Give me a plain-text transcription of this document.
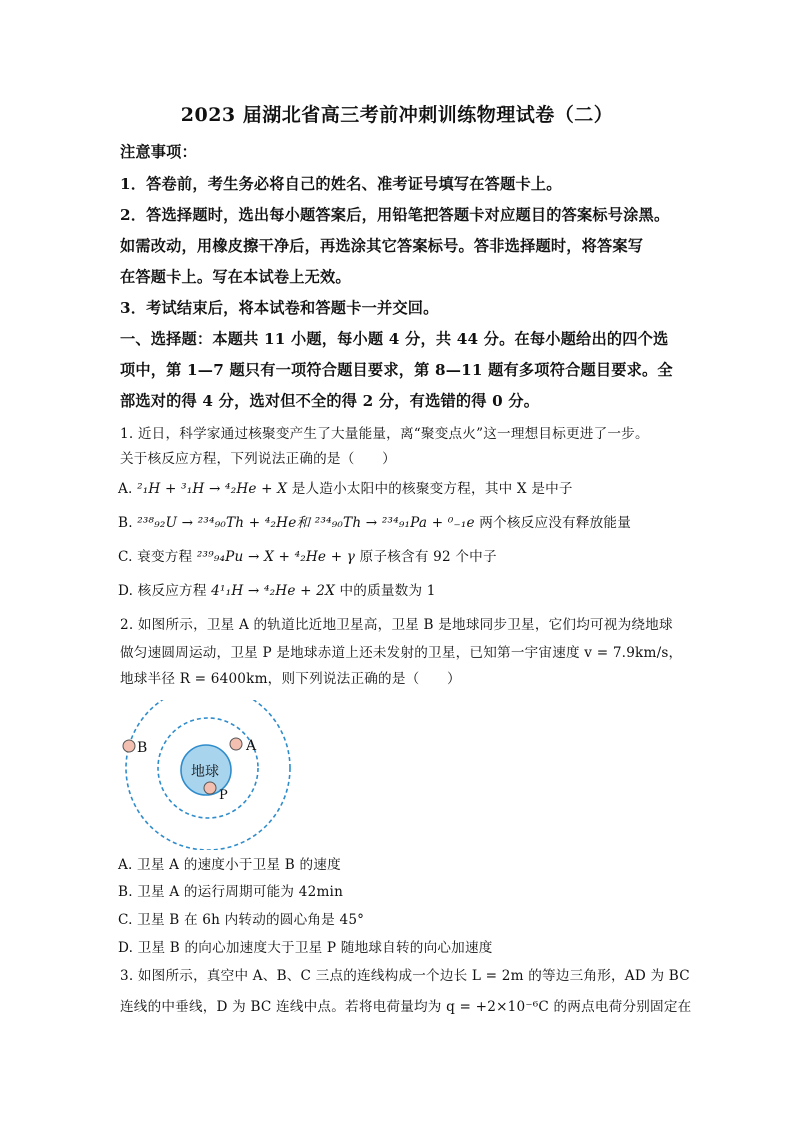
2023 届湖北省高三考前冲刺训练物理试卷（二）
注意事项：
1．答卷前，考生务必将自己的姓名、准考证号填写在答题卡上。
2．答选择题时，选出每小题答案后，用铅笔把答题卡对应题目的答案标号涂黑。
如需改动，用橡皮擦干净后，再选涂其它答案标号。答非选择题时，将答案写
在答题卡上。写在本试卷上无效。
3．考试结束后，将本试卷和答题卡一并交回。
一、选择题：本题共 11 小题，每小题 4 分，共 44 分。在每小题给出的四个选
项中，第 1—7 题只有一项符合题目要求，第 8—11 题有多项符合题目要求。全
部选对的得 4 分，选对但不全的得 2 分，有选错的得 0 分。
1. 近日，科学家通过核聚变产生了大量能量，离“聚变点火”这一理想目标更进了一步。
关于核反应方程，下列说法正确的是（　　）
A. ²₁H + ³₁H → ⁴₂He + X 是人造小太阳中的核聚变方程，其中 X 是中子
B. ²³⁸₉₂U → ²³⁴₉₀Th + ⁴₂He和 ²³⁴₉₀Th → ²³⁴₉₁Pa + ⁰₋₁e 两个核反应没有释放能量
C. 衰变方程 ²³⁹₉₄Pu → X + ⁴₂He + γ 原子核含有 92 个中子
D. 核反应方程 4¹₁H → ⁴₂He + 2X 中的质量数为 1
2. 如图所示，卫星 A 的轨道比近地卫星高，卫星 B 是地球同步卫星，它们均可视为绕地球
做匀速圆周运动，卫星 P 是地球赤道上还未发射的卫星，已知第一宇宙速度 v = 7.9km/s，
地球半径 R = 6400km，则下列说法正确的是（　　）
地球
A
B
P
A. 卫星 A 的速度小于卫星 B 的速度
B. 卫星 A 的运行周期可能为 42min
C. 卫星 B 在 6h 内转动的圆心角是 45°
D. 卫星 B 的向心加速度大于卫星 P 随地球自转的向心加速度
3. 如图所示，真空中 A、B、C 三点的连线构成一个边长 L = 2m 的等边三角形，AD 为 BC
连线的中垂线，D 为 BC 连线中点。若将电荷量均为 q = +2×10⁻⁶C 的两点电荷分别固定在
